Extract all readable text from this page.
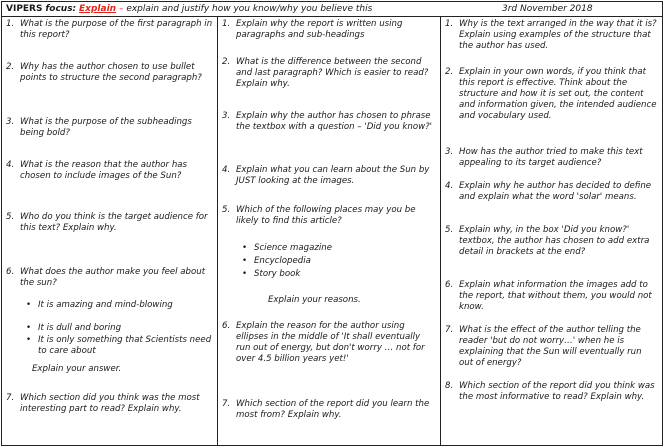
VIPERS focus: Explain – explain and justify how you know/why you believe this	3rd November 2018
1. What is the purpose of the first paragraph in this report?
2. Why has the author chosen to use bullet points to structure the second paragraph?
3. What is the purpose of the subheadings being bold?
4. What is the reason that the author has chosen to include images of the Sun?
5. Who do you think is the target audience for this text? Explain why.
6. What does the author make you feel about the sun?
• It is amazing and mind-blowing
• It is dull and boring
• It is only something that Scientists need to care about
Explain your answer.
7. Which section did you think was the most interesting part to read? Explain why.
1. Explain why the report is written using paragraphs and sub-headings
2. What is the difference between the second and last paragraph? Which is easier to read? Explain why.
3. Explain why the author has chosen to phrase the textbox with a question – 'Did you know?'
4. Explain what you can learn about the Sun by JUST looking at the images.
5. Which of the following places may you be likely to find this article?
• Science magazine
• Encyclopedia
• Story book
Explain your reasons.
6. Explain the reason for the author using ellipses in the middle of 'It shall eventually run out of energy, but don't worry … not for over 4.5 billion years yet!'
7. Which section of the report did you learn the most from? Explain why.
1. Why is the text arranged in the way that it is? Explain using examples of the structure that the author has used.
2. Explain in your own words, if you think that this report is effective. Think about the structure and how it is set out, the content and information given, the intended audience and vocabulary used.
3. How has the author tried to make this text appealing to its target audience?
4. Explain why he author has decided to define and explain what the word 'solar' means.
5. Explain why, in the box 'Did you know?' textbox, the author has chosen to add extra detail in brackets at the end?
6. Explain what information the images add to the report, that without them, you would not know.
7. What is the effect of the author telling the reader 'but do not worry…' when he is explaining that the Sun will eventually run out of energy?
8. Which section of the report did you think was the most informative to read? Explain why.
